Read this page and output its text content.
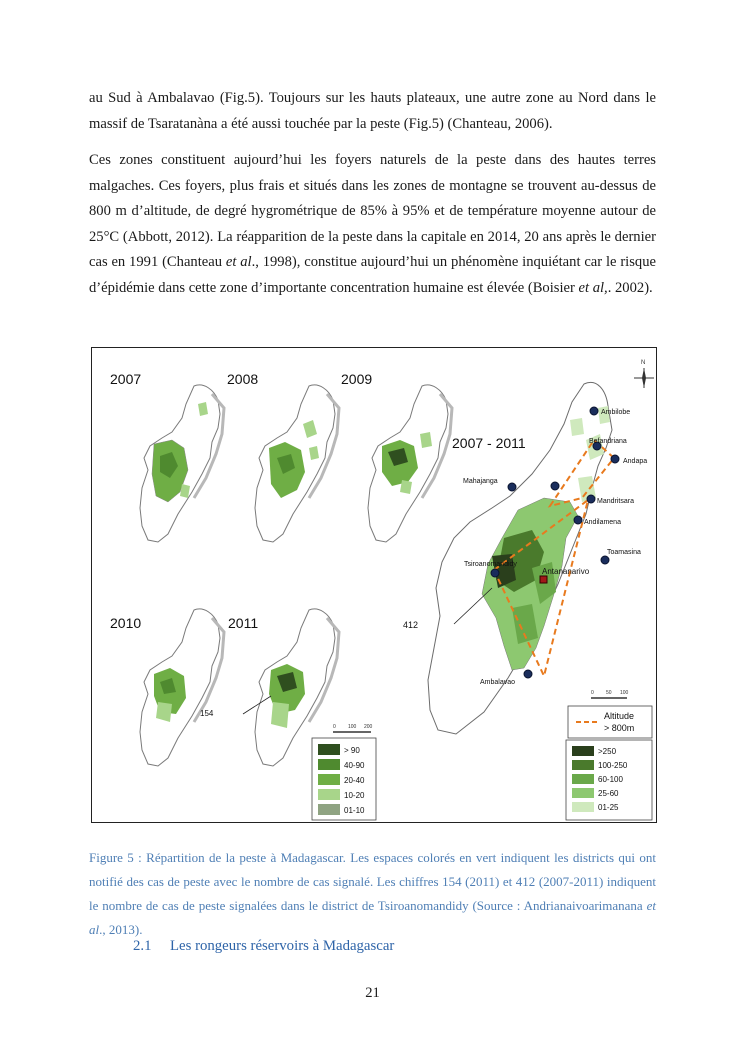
au Sud à Ambalavao (Fig.5). Toujours sur les hauts plateaux, une autre zone au Nord dans le massif de Tsaratanàna a été aussi touchée par la peste (Fig.5) (Chanteau, 2006).

Ces zones constituent aujourd’hui les foyers naturels de la peste dans des hautes terres malgaches. Ces foyers, plus frais et situés dans les zones de montagne se trouvent au-dessus de 800 m d’altitude, de degré hygrométrique de 85% à 95% et de température moyenne autour de 25°C (Abbott, 2012). La réapparition de la peste dans la capitale en 2014, 20 ans après le dernier cas en 1991 (Chanteau et al., 1998), constitue aujourd’hui un phénomène inquiétant car le risque d’épidémie dans cette zone d’importante concentration humaine est élevée (Boisier et al,. 2002).

N
2007	2008	2009
2010	2011
154
2007 - 2011
412
Ambilobe
Befandriana
Andapa
Mahajanga
Mandritsara
Andilamena
Toamasina
Tsiroanomandidy
Antananarivo
Ambalavao
0 100 200
0 50 100
Altitude
> 800m
> 90
40-90
20-40
10-20
01-10
>250
100-250
60-100
25-60
01-25

Figure 5 : Répartition de la peste à Madagascar. Les espaces colorés en vert indiquent les districts qui ont notifié des cas de peste avec le nombre de cas signalé. Les chiffres 154 (2011) et 412 (2007-2011) indiquent le nombre de cas de peste signalées dans le district de Tsiroanomandidy (Source : Andrianaivoarimanana et al., 2013).

2.1 Les rongeurs réservoirs à Madagascar

21
